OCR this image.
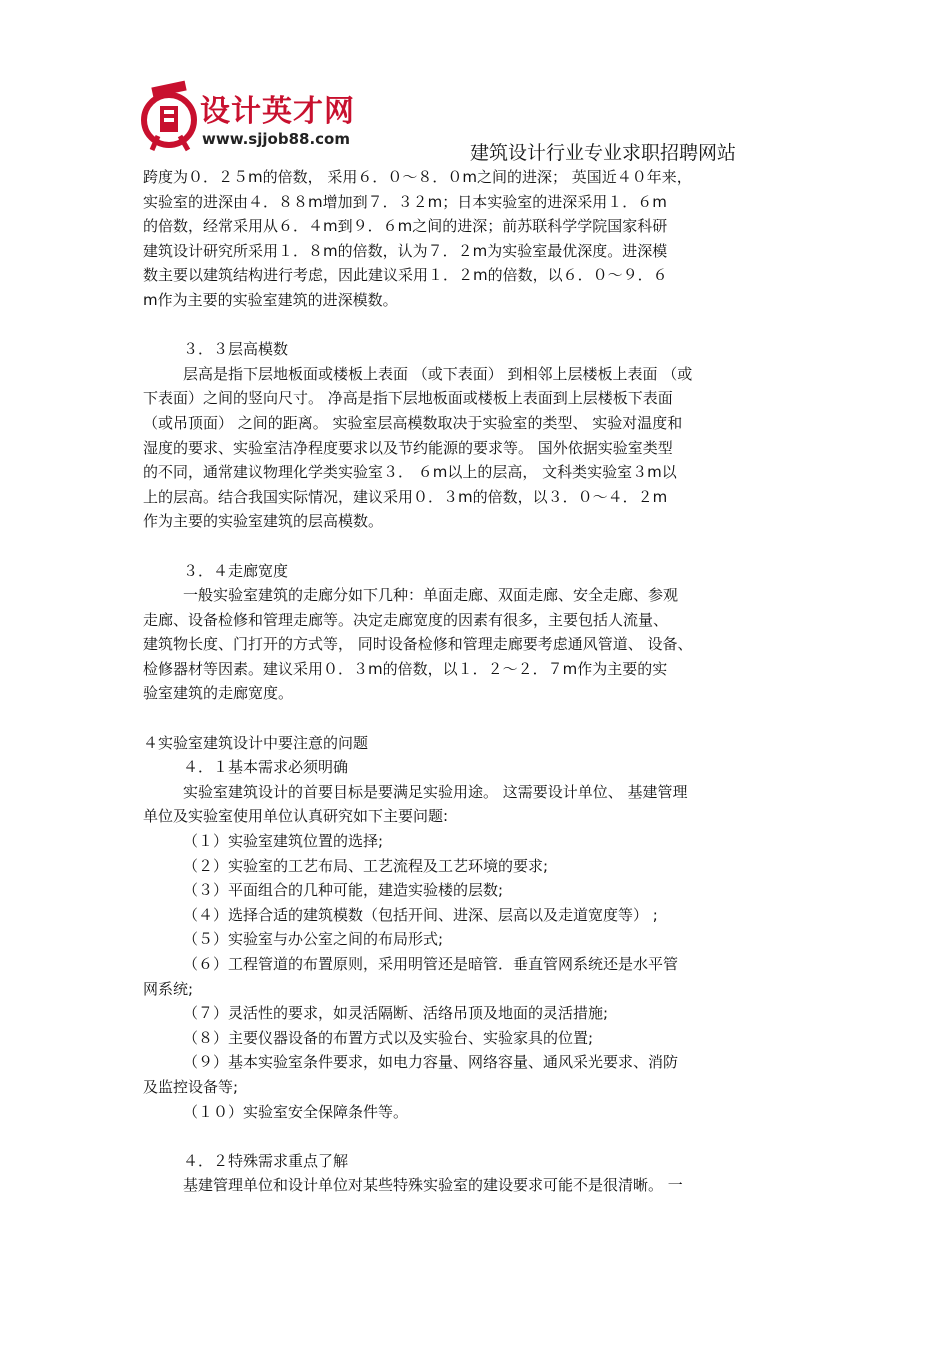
设计英才网
www.sjjob88.com
建筑设计行业专业求职招聘网站
跨度为０．２５m的倍数， 采用６．０～８．０m之间的进深； 英国近４０年来，
实验室的进深由４．８８m增加到７．３２m；日本实验室的进深采用１．６m
的倍数，经常采用从６．４m到９．６m之间的进深；前苏联科学学院国家科研
建筑设计研究所采用１．８m的倍数，认为７．２m为实验室最优深度。进深模
数主要以建筑结构进行考虑，因此建议采用１．２m的倍数，以６．０～９．６
m作为主要的实验室建筑的进深模数。
３．３层高模数
层高是指下层地板面或楼板上表面 （或下表面） 到相邻上层楼板上表面 （或
下表面）之间的竖向尺寸。 净高是指下层地板面或楼板上表面到上层楼板下表面
（或吊顶面） 之间的距离。 实验室层高模数取决于实验室的类型、 实验对温度和
湿度的要求、实验室洁净程度要求以及节约能源的要求等。 国外依据实验室类型
的不同，通常建议物理化学类实验室３． ６m以上的层高， 文科类实验室３m以
上的层高。结合我国实际情况，建议采用０．３m的倍数，以３．０～４．２m
作为主要的实验室建筑的层高模数。
３．４走廊宽度
一般实验室建筑的走廊分如下几种：单面走廊、双面走廊、安全走廊、参观
走廊、设备检修和管理走廊等。决定走廊宽度的因素有很多，主要包括人流量、
建筑物长度、门打开的方式等， 同时设备检修和管理走廊要考虑通风管道、 设备、
检修器材等因素。建议采用０．３m的倍数，以１．２～２．７m作为主要的实
验室建筑的走廊宽度。
４实验室建筑设计中要注意的问题
４．１基本需求必须明确
实验室建筑设计的首要目标是要满足实验用途。 这需要设计单位、 基建管理
单位及实验室使用单位认真研究如下主要问题:
（１）实验室建筑位置的选择;
（２）实验室的工艺布局、工艺流程及工艺环境的要求;
（３）平面组合的几种可能，建造实验楼的层数;
（４）选择合适的建筑模数（包括开间、进深、层高以及走道宽度等） ;
（５）实验室与办公室之间的布局形式;
（６）工程管道的布置原则，采用明管还是暗管．垂直管网系统还是水平管
网系统;
（７）灵活性的要求，如灵活隔断、活络吊顶及地面的灵活措施;
（８）主要仪器设备的布置方式以及实验台、实验家具的位置;
（９）基本实验室条件要求，如电力容量、网络容量、通风采光要求、消防
及监控设备等;
（１０）实验室安全保障条件等。
４．２特殊需求重点了解
基建管理单位和设计单位对某些特殊实验室的建设要求可能不是很清晰。 一
